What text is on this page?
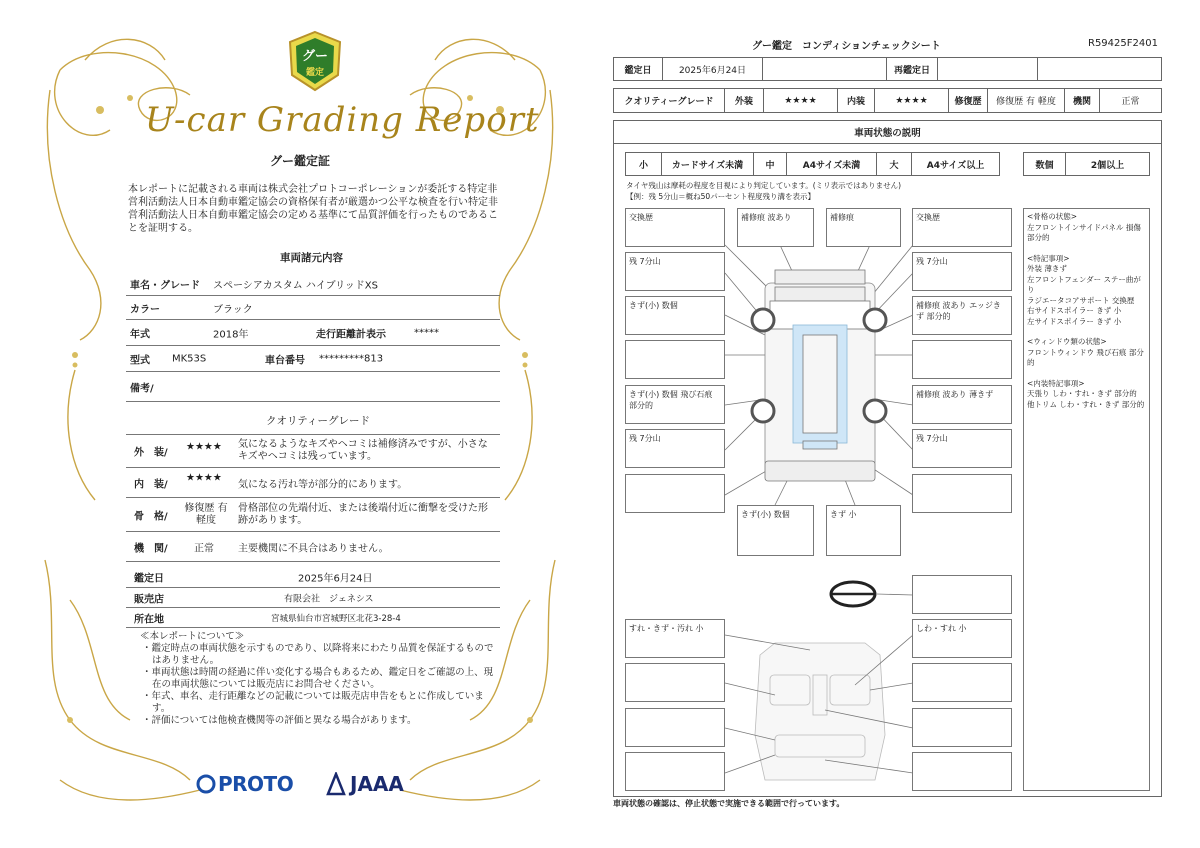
グー
鑑定
U-car Grading Report
グー鑑定証
本レポートに記載される車両は株式会社プロトコーポレーションが委託する特定非営利活動法人日本自動車鑑定協会の資格保有者が厳選かつ公平な検査を行い特定非営利活動法人日本自動車鑑定協会の定める基準にて品質評価を行ったものであることを証明する。
車両諸元内容
車名・グレード スペーシアカスタム ハイブリッドXS
カラー	ブラック
年式	2018年	走行距離計表示	*****
型式 MK53S	車台番号 *********813
備考/
クオリティーグレード
外　装/
★★★★ 気になるようなキズやヘコミは補修済みですが、小さなキズやヘコミは残っています。
内　装/
★★★★
気になる汚れ等が部分的にあります。
骨　格/
修復歴 有軽度
骨格部位の先端付近、または後端付近に衝撃を受けた形跡があります。
機　関/	正常 主要機関に不具合はありません。
鑑定日	2025年6月24日
販売店	有限会社　ジェネシス
所在地	宮城県仙台市宮城野区北花3-28-4

≪本レポートについて≫

・鑑定時点の車両状態を示すものであり、以降将来にわたり品質を保証するものではありません。
・車両状態は時間の経過に伴い変化する場合もあるため、鑑定日をご確認の上、現在の車両状態については販売店にお問合せください。
・年式、車名、走行距離などの記載については販売店申告をもとに作成しています。
・評価については他検査機関等の評価と異なる場合があります。
PROTO	JAAA
グー鑑定　コンディションチェックシート	R59425F2401
鑑定日	2025年6月24日	再鑑定日
クオリティーグレード	外装	★★★★	内装	★★★★	修復歴	修復歴 有 軽度	機関	正常
車両状態の説明
小	カードサイズ未満	中	A4サイズ未満	大	A4サイズ以上	数個	2個以上
タイヤ残山は摩耗の程度を目視により判定しています。(ミリ表示ではありません)
【例：残 5分山＝概ね50パーセント程度残り溝を表示】
交換歴	補修痕 波あり	補修痕	交換歴
残 7分山	残 7分山
きず(小) 数個	補修痕 波あり エッジきず 部分的
きず(小) 数個 飛び石痕 部分的
補修痕 波あり 薄きず
残 7分山	残 7分山
きず(小) 数個	きず 小
すれ・きず・汚れ 小	しわ・すれ 小
<骨格の状態>
左フロントインサイドパネル 損傷 部分的
<特記事項>
外装 薄きず
左フロントフェンダー ステー曲がり
ラジエータコアサポート 交換歴
右サイドスポイラー きず 小
左サイドスポイラー きず 小
<ウィンドウ類の状態>
フロントウィンドウ 飛び石痕 部分的
<内装特記事項>
天張り しわ・すれ・きず 部分的
他トリム しわ・すれ・きず 部分的
車両状態の確認は、停止状態で実施できる範囲で行っています。
